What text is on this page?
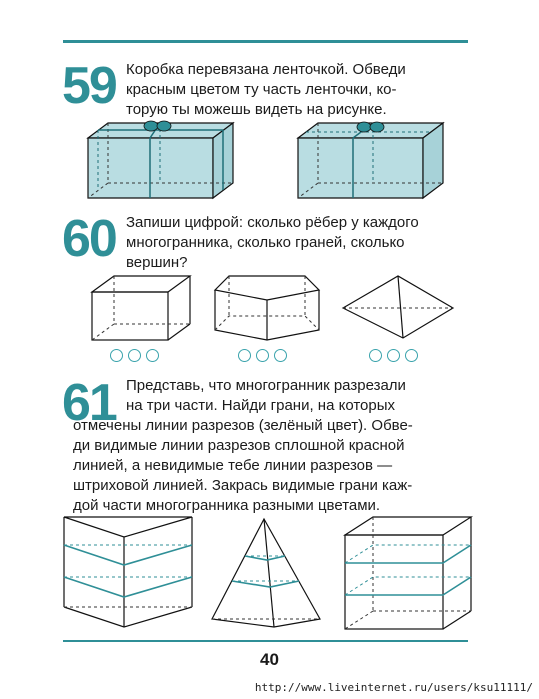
59 Коробка перевязана ленточкой. Обведи
красным цветом ту часть ленточки, ко-
торую ты можешь видеть на рисунке.
60 Запиши цифрой: сколько рёбер у каждого
многогранника, сколько граней, сколько
вершин?
61 Представь, что многогранник разрезали
на три части. Найди грани, на которых
отмечены линии разрезов (зелёный цвет). Обве-
ди видимые линии разрезов сплошной красной
линией, а невидимые тебе линии разрезов —
штриховой линией. Закрась видимые грани каж-
дой части многогранника разными цветами.
40
http://www.liveinternet.ru/users/ksu11111/
